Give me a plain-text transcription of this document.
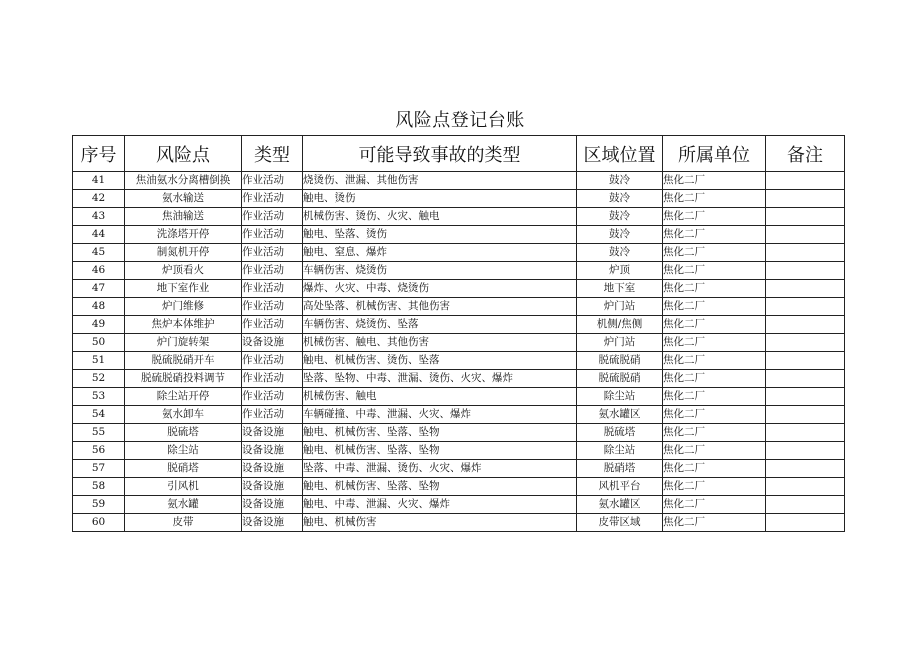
风险点登记台账
序号	风险点	类型	可能导致事故的类型	区域位置	所属单位	备注
41	焦油氨水分离槽倒换	作业活动	烧烫伤、泄漏、其他伤害	鼓冷	焦化二厂	
42	氨水输送	作业活动	触电、烫伤	鼓冷	焦化二厂	
43	焦油输送	作业活动	机械伤害、烫伤、火灾、触电	鼓冷	焦化二厂	
44	洗涤塔开停	作业活动	触电、坠落、烫伤	鼓冷	焦化二厂	
45	制氮机开停	作业活动	触电、窒息、爆炸	鼓冷	焦化二厂	
46	炉顶看火	作业活动	车辆伤害、烧烫伤	炉顶	焦化二厂	
47	地下室作业	作业活动	爆炸、火灾、中毒、烧烫伤	地下室	焦化二厂	
48	炉门维修	作业活动	高处坠落、机械伤害、其他伤害	炉门站	焦化二厂	
49	焦炉本体维护	作业活动	车辆伤害、烧烫伤、坠落	机侧/焦侧	焦化二厂	
50	炉门旋转架	设备设施	机械伤害、触电、其他伤害	炉门站	焦化二厂	
51	脱硫脱硝开车	作业活动	触电、机械伤害、烫伤、坠落	脱硫脱硝	焦化二厂	
52	脱硫脱硝投料调节	作业活动	坠落、坠物、中毒、泄漏、烫伤、火灾、爆炸	脱硫脱硝	焦化二厂	
53	除尘站开停	作业活动	机械伤害、触电	除尘站	焦化二厂	
54	氨水卸车	作业活动	车辆碰撞、中毒、泄漏、火灾、爆炸	氨水罐区	焦化二厂	
55	脱硫塔	设备设施	触电、机械伤害、坠落、坠物	脱硫塔	焦化二厂	
56	除尘站	设备设施	触电、机械伤害、坠落、坠物	除尘站	焦化二厂	
57	脱硝塔	设备设施	坠落、中毒、泄漏、烫伤、火灾、爆炸	脱硝塔	焦化二厂	
58	引风机	设备设施	触电、机械伤害、坠落、坠物	风机平台	焦化二厂	
59	氨水罐	设备设施	触电、中毒、泄漏、火灾、爆炸	氨水罐区	焦化二厂	
60	皮带	设备设施	触电、机械伤害	皮带区域	焦化二厂	
